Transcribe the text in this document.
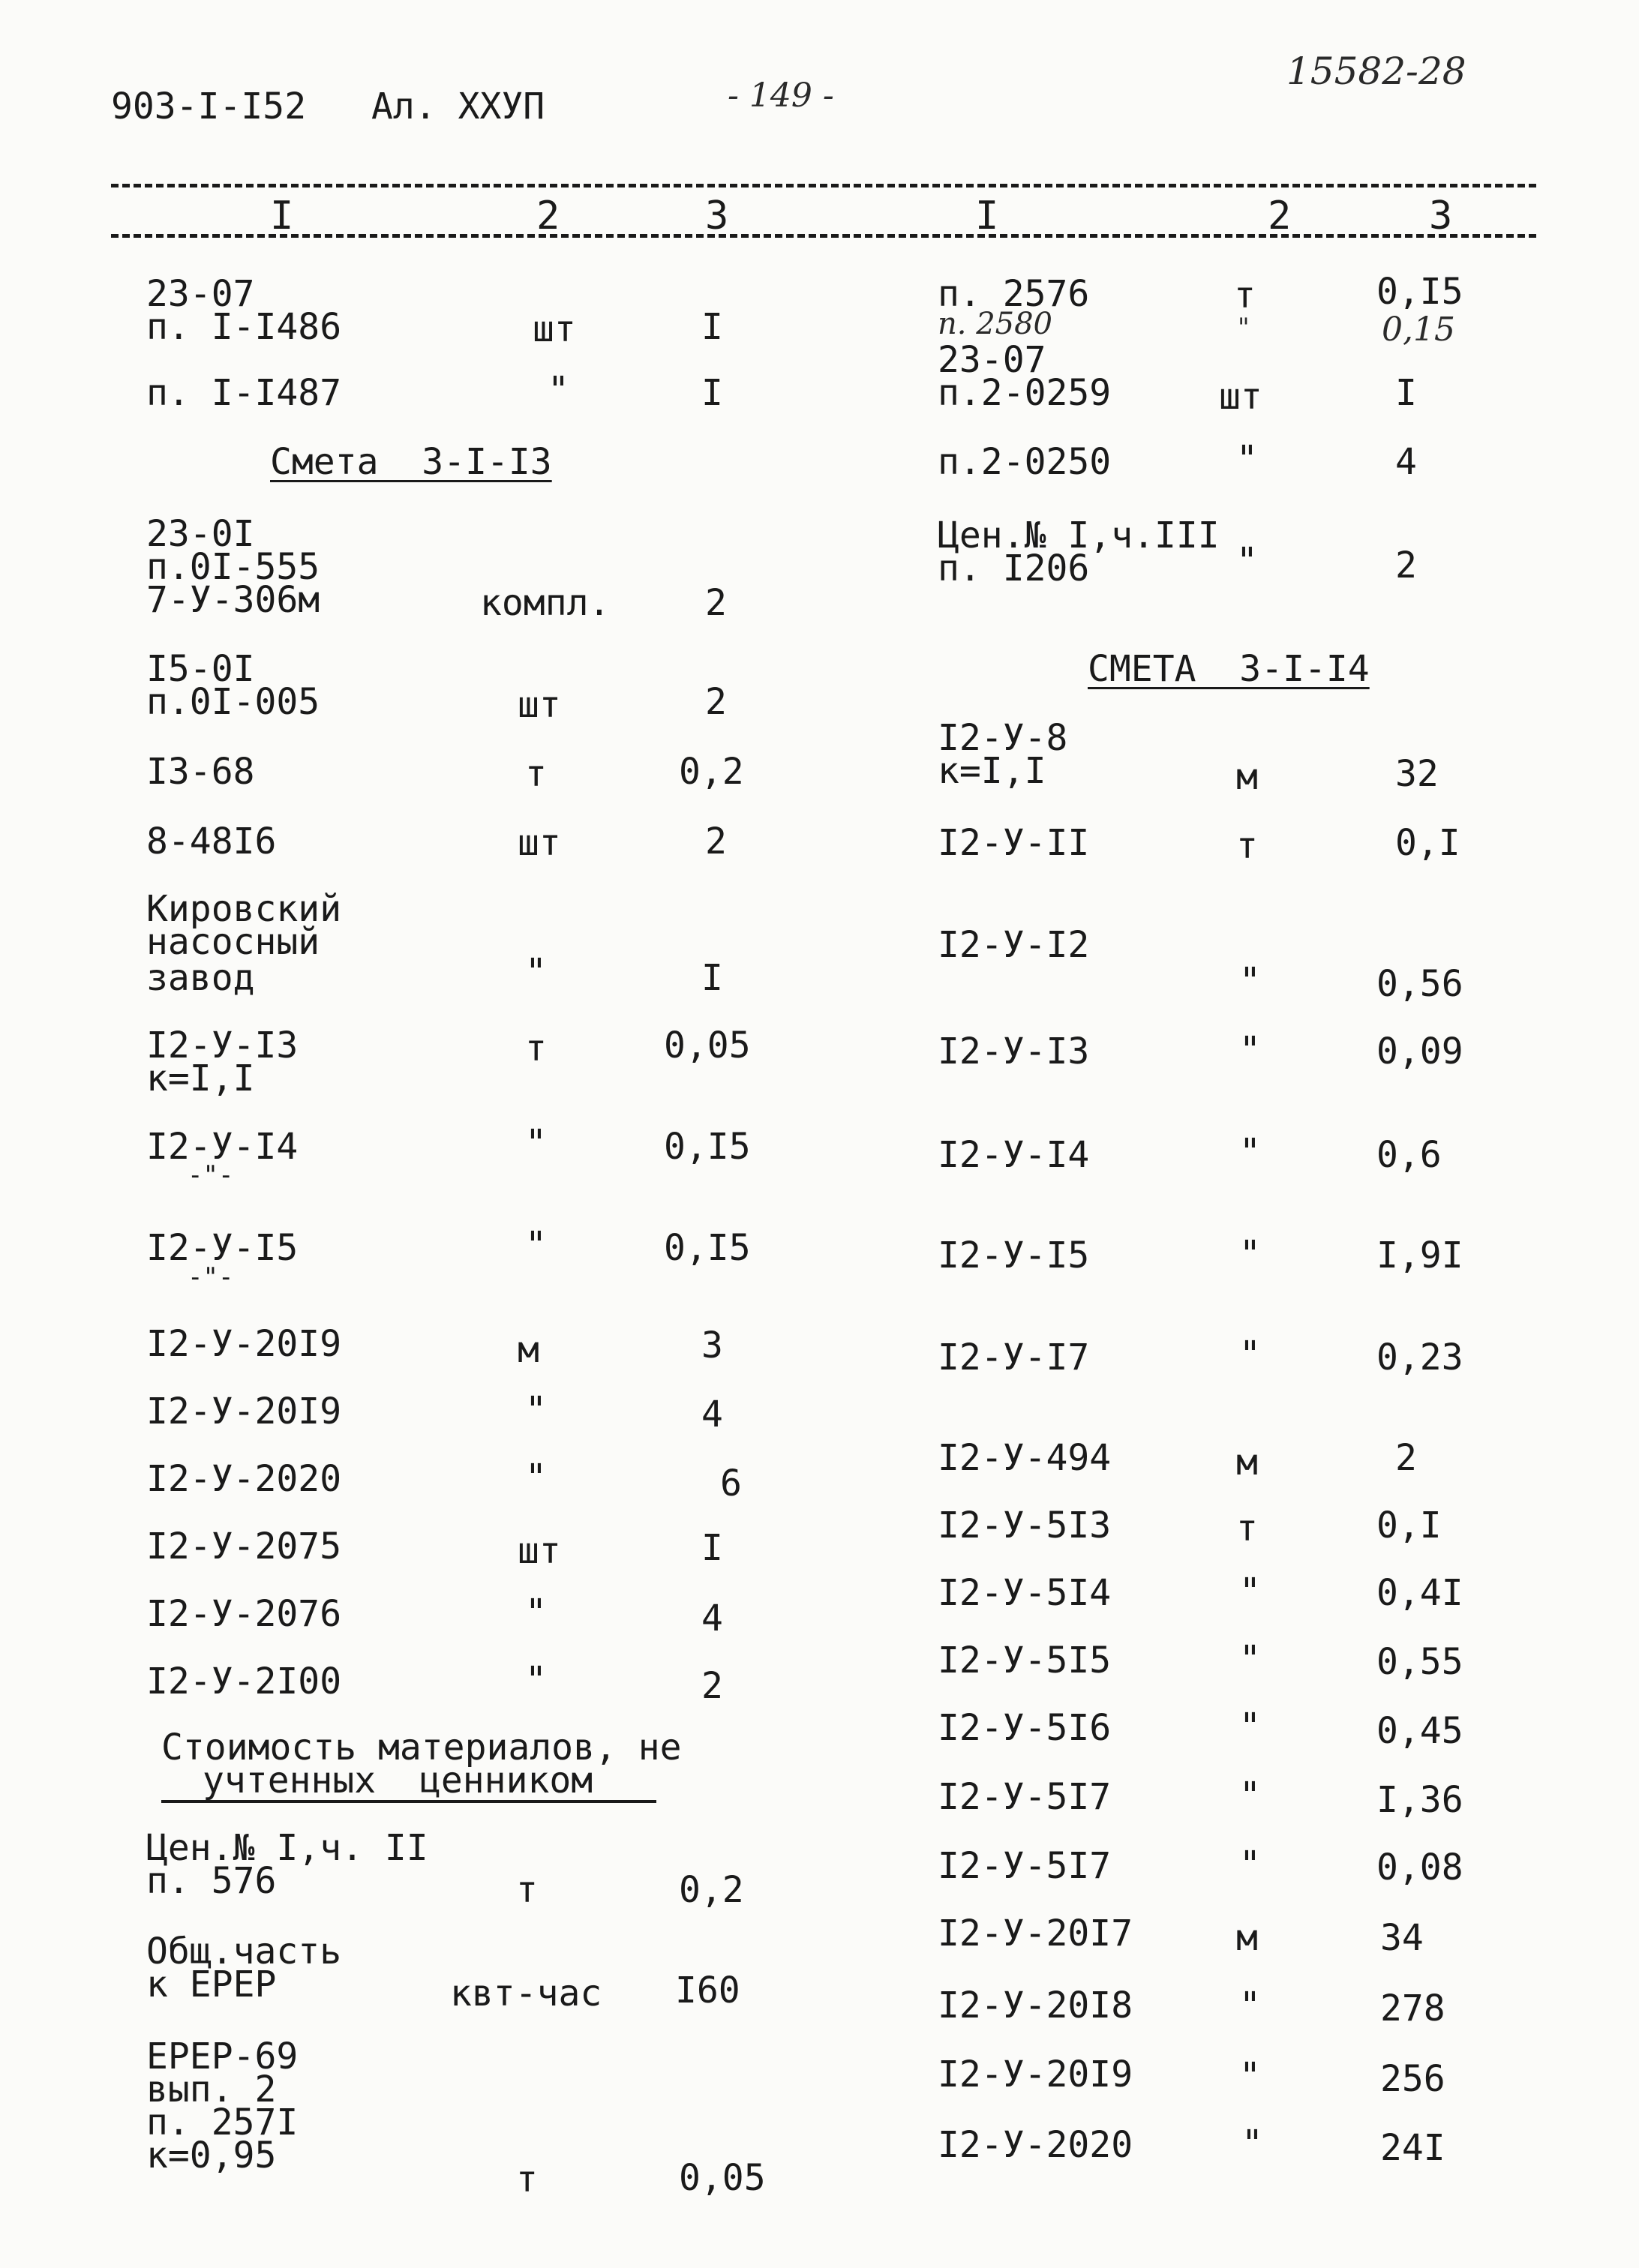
903-I-I52 Ал. ХХУП	- 149 -
15582-28
I	2	3	I	2	3
23-07
п. I-I486	шт	I
п. I-I487	"	I
Смета  3-I-I3
23-0I
п.0I-555
7-У-306м	компл.	2
I5-0I
п.0I-005	шт	2
I3-68	т	0,2
8-48I6	шт	2
Кировский
насосный
завод	"	I
I2-У-I3
к=I,I
т	0,05
I2-У-I4
-"-
"	0,I5
I2-У-I5
-"-
"	0,I5
I2-У-20I9	м	3
I2-У-20I9	"	4
I2-У-2020	"	6
I2-У-2075	шт	I
I2-У-2076	"	4
I2-У-2I00	"	2
Стоимость материалов, не
учтенных  ценником
Цен.№ I,ч. II
п. 576	т	0,2
Общ.часть
к ЕРЕР	квт-час I60
ЕРЕР-69
вып. 2
п. 257I
к=0,95
т	0,05
п. 2576	т	0,I5
п. 2580	"	0,15
23-07
п.2-0259	шт	I
п.2-0250	"	4
Цен.№ I,ч.III
п. I206	"	2
СМЕТА  3-I-I4
I2-У-8
к=I,I	м	32
I2-У-II	т	0,I
I2-У-I2
"	0,56
I2-У-I3	"	0,09
I2-У-I4	"	0,6
I2-У-I5	"	I,9I
I2-У-I7	"	0,23
I2-У-494	м	2
I2-У-5I3	т	0,I
I2-У-5I4	"	0,4I
I2-У-5I5	"	0,55
I2-У-5I6	"	0,45
I2-У-5I7	"	I,36
I2-У-5I7	"	0,08
I2-У-20I7	м	34
I2-У-20I8	"	278
I2-У-20I9	"	256
I2-У-2020	"	24I
